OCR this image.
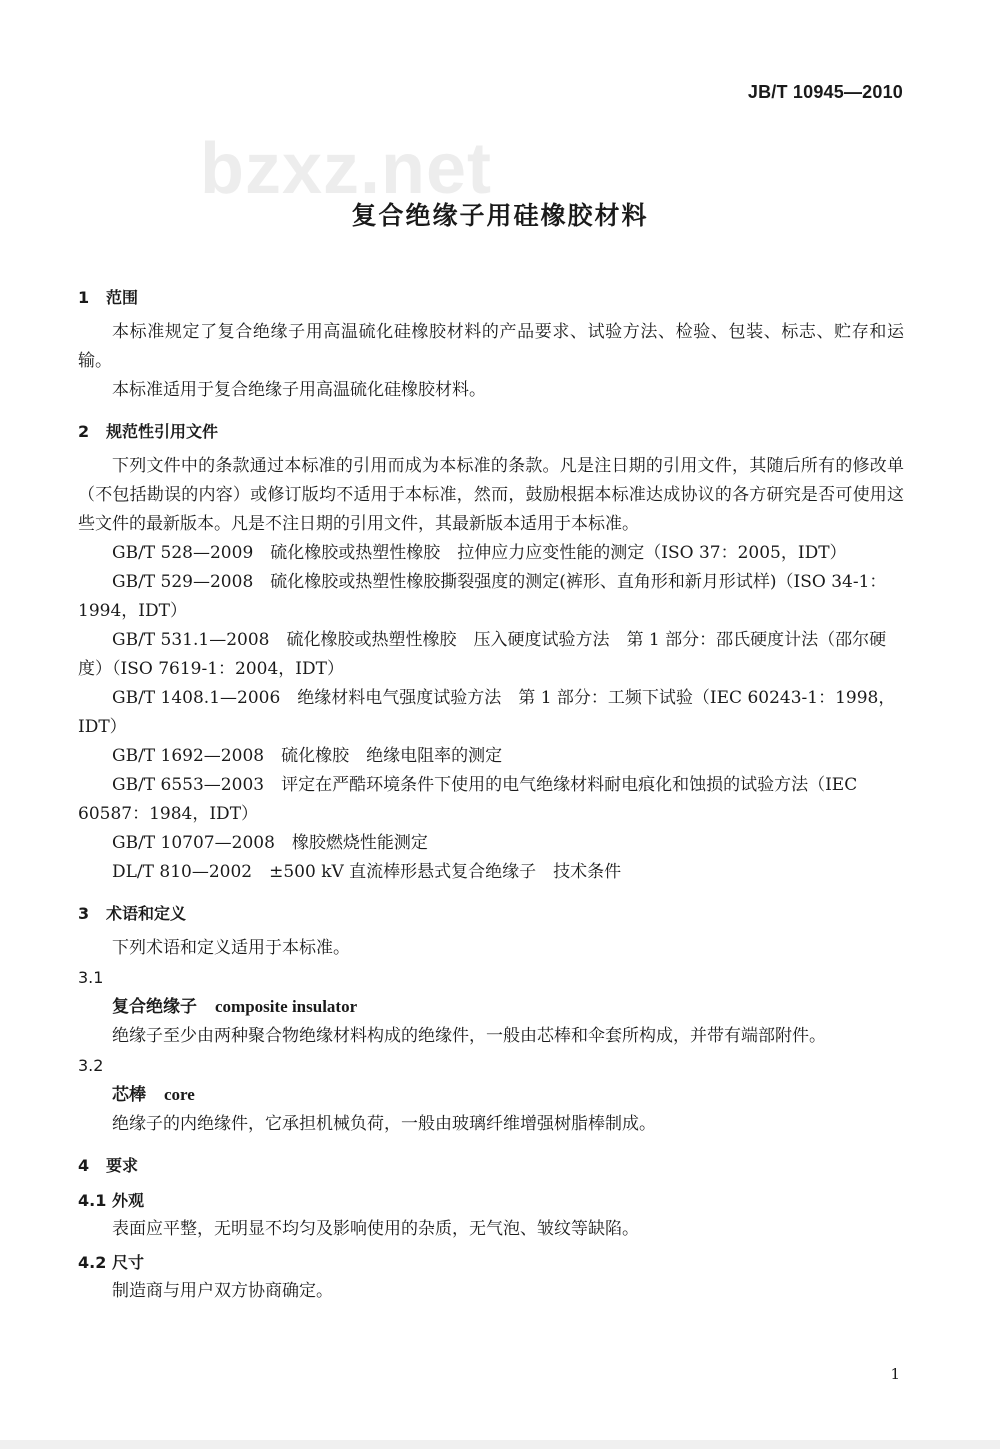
JB/T 10945—2010
bzxz.net
复合绝缘子用硅橡胶材料
1 范围

本标准规定了复合绝缘子用高温硫化硅橡胶材料的产品要求、试验方法、检验、包装、标志、贮存和运输。

本标准适用于复合绝缘子用高温硫化硅橡胶材料。

2 规范性引用文件

下列文件中的条款通过本标准的引用而成为本标准的条款。凡是注日期的引用文件，其随后所有的修改单（不包括勘误的内容）或修订版均不适用于本标准，然而，鼓励根据本标准达成协议的各方研究是否可使用这些文件的最新版本。凡是不注日期的引用文件，其最新版本适用于本标准。

GB/T 528—2009　硫化橡胶或热塑性橡胶　拉伸应力应变性能的测定（ISO 37：2005，IDT）

GB/T 529—2008　硫化橡胶或热塑性橡胶撕裂强度的测定(裤形、直角形和新月形试样)（ISO 34-1：1994，IDT）

GB/T 531.1—2008　硫化橡胶或热塑性橡胶　压入硬度试验方法　第 1 部分：邵氏硬度计法（邵尔硬度）（ISO 7619-1：2004，IDT）

GB/T 1408.1—2006　绝缘材料电气强度试验方法　第 1 部分：工频下试验（IEC 60243-1：1998，IDT）

GB/T 1692—2008　硫化橡胶　绝缘电阻率的测定

GB/T 6553—2003　评定在严酷环境条件下使用的电气绝缘材料耐电痕化和蚀损的试验方法（IEC 60587：1984，IDT）

GB/T 10707—2008　橡胶燃烧性能测定

DL/T 810—2002　±500 kV 直流棒形悬式复合绝缘子　技术条件

3 术语和定义

下列术语和定义适用于本标准。

3.1
复合绝缘子 composite insulator
绝缘子至少由两种聚合物绝缘材料构成的绝缘件，一般由芯棒和伞套所构成，并带有端部附件。
3.2
芯棒 core
绝缘子的内绝缘件，它承担机械负荷，一般由玻璃纤维增强树脂棒制成。
4 要求
4.1 外观
表面应平整，无明显不均匀及影响使用的杂质，无气泡、皱纹等缺陷。
4.2 尺寸
制造商与用户双方协商确定。
1
